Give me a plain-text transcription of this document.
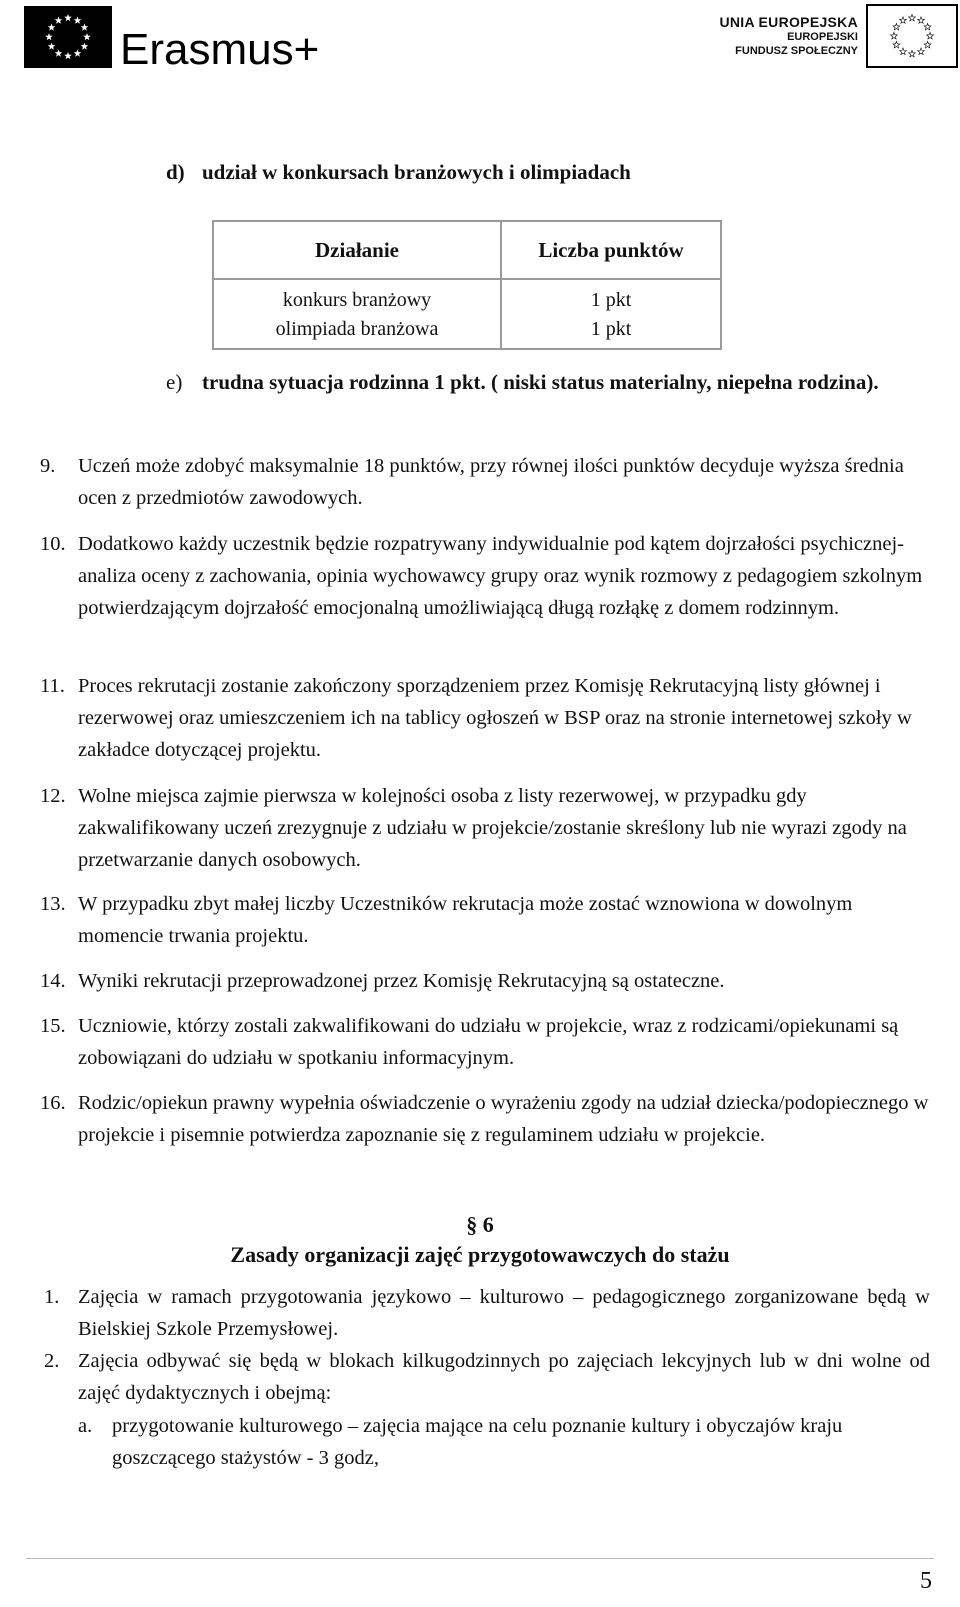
Erasmus+
UNIA EUROPEJSKA
EUROPEJSKI
FUNDUSZ SPOŁECZNY
d) udział w konkursach branżowych i olimpiadach
Działanie	Liczba punktów
konkurs branżowy	1 pkt
olimpiada branżowa	1 pkt
e) trudna sytuacja rodzinna 1 pkt. ( niski status materialny, niepełna rodzina).
9. Uczeń może zdobyć maksymalnie 18 punktów, przy równej ilości punktów decyduje wyższa średnia ocen z przedmiotów zawodowych.
10. Dodatkowo każdy uczestnik będzie rozpatrywany indywidualnie pod kątem dojrzałości psychicznej- analiza oceny z zachowania, opinia wychowawcy grupy oraz wynik rozmowy z pedagogiem szkolnym potwierdzającym dojrzałość emocjonalną umożliwiającą długą rozłąkę z domem rodzinnym.
11. Proces rekrutacji zostanie zakończony sporządzeniem przez Komisję Rekrutacyjną listy głównej i rezerwowej oraz umieszczeniem ich na tablicy ogłoszeń w BSP oraz na stronie internetowej szkoły w zakładce dotyczącej projektu.
12. Wolne miejsca zajmie pierwsza w kolejności osoba z listy rezerwowej, w przypadku gdy zakwalifikowany uczeń zrezygnuje z udziału w projekcie/zostanie skreślony lub nie wyrazi zgody na przetwarzanie danych osobowych.
13. W przypadku zbyt małej liczby Uczestników rekrutacja może zostać wznowiona w dowolnym momencie trwania projektu.
14. Wyniki rekrutacji przeprowadzonej przez Komisję Rekrutacyjną są ostateczne.
15. Uczniowie, którzy zostali zakwalifikowani do udziału w projekcie, wraz z rodzicami/opiekunami są zobowiązani do udziału w spotkaniu informacyjnym.
16. Rodzic/opiekun prawny wypełnia oświadczenie o wyrażeniu zgody na udział dziecka/podopiecznego w projekcie i pisemnie potwierdza zapoznanie się z regulaminem udziału w projekcie.
§ 6
Zasady organizacji zajęć przygotowawczych do stażu
1. Zajęcia w ramach przygotowania językowo – kulturowo – pedagogicznego zorganizowane będą w Bielskiej Szkole Przemysłowej.
2. Zajęcia odbywać się będą w blokach kilkugodzinnych po zajęciach lekcyjnych lub w dni wolne od zajęć dydaktycznych i obejmą:
a. przygotowanie kulturowego – zajęcia mające na celu poznanie kultury i obyczajów kraju goszczącego stażystów - 3 godz,
5
